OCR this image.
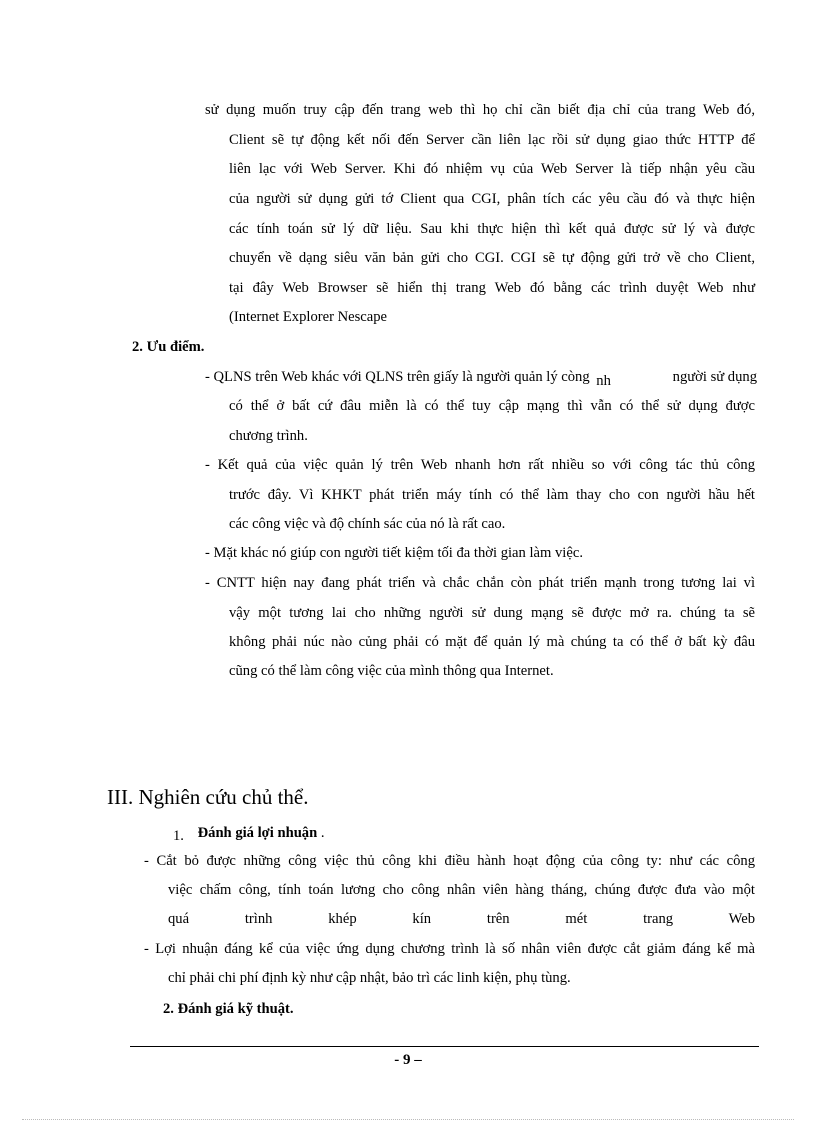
sử dụng muốn truy cập đến trang web thì họ chỉ cần biết địa chỉ của trang Web đó,

Client sẽ tự động kết nối đến Server cần liên lạc rồi sử dụng giao thức HTTP để

liên lạc với Web Server. Khi đó nhiệm vụ của Web Server là tiếp nhận yêu cầu

của người sử dụng gửi tớ Client qua CGI, phân tích các yêu cầu đó và thực hiện

các tính toán sử lý dữ liệu. Sau khi thực hiện thì kết quả được sử lý và được

chuyển về dạng siêu văn bản gửi cho CGI. CGI sẽ tự động gửi trở về cho Client,

tại đây Web Browser sẽ hiển thị trang Web đó bằng các trình duyệt Web như

(Internet Explorer Nescape

2. Ưu điểm.

- QLNS trên Web khác với QLNS trên giấy là người quản lý còng nh	người sử dụng

có thể ở bất cứ đâu miễn là có thể tuy cập mạng thì vẫn có thể sử dụng được

chương trình.

- Kết quả của việc quản lý trên Web nhanh hơn rất nhiều so với công tác thủ công

trước đây. Vì KHKT phát triển máy tính có thể làm thay cho con người hầu hết

các công việc và độ chính sác của nó là rất cao.

- Mặt khác nó giúp con người tiết kiệm tối đa thời gian làm việc.

- CNTT hiện nay đang phát triển và chắc chắn còn phát triển mạnh trong tương lai vì

vậy một tương lai cho những người sử dung mạng sẽ được mở ra. chúng ta sẽ

không phải núc nào củng phải có mặt để quản lý mà chúng ta có thể ở bất kỳ đâu

cũng có thể làm công việc của mình thông qua Internet.

III. Nghiên cứu chủ thể.

1. Đánh giá lợi nhuận .

- Cắt bỏ được những công việc thủ công khi điều hành hoạt động của công ty: như các công

việc chấm công, tính toán lương cho công nhân viên hàng tháng, chúng được đưa vào một

quá trình khép kín trên mét trang Web

- Lợi nhuận đáng kể của việc ứng dụng chương trình là số nhân viên được cắt giảm đáng kể mà

chỉ phải chi phí định kỳ như cập nhật, bảo trì các linh kiện, phụ tùng.

2. Đánh giá kỹ thuật.

- 9 –
